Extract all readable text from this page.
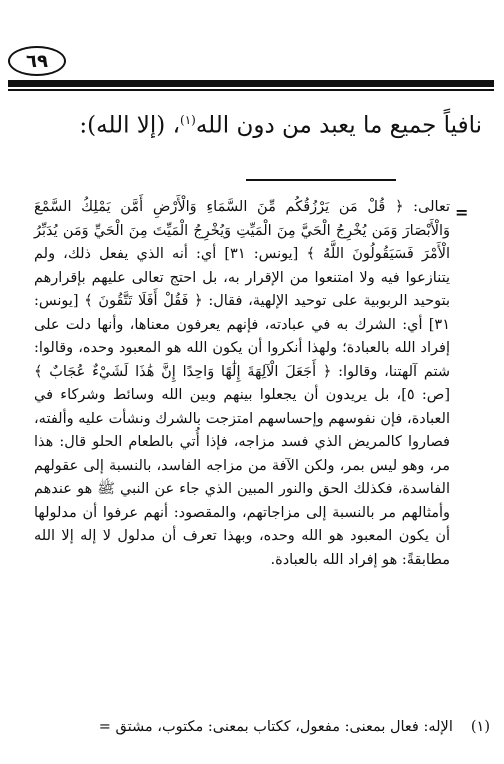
٦٩
نافياً جميع ما يعبد من دون الله$^{(١)}$، (إلا الله):
=

تعالى: ﴿ قُلْ مَن يَرْزُقُكُم مِّنَ السَّمَاءِ وَالْأَرْضِ أَمَّن يَمْلِكُ السَّمْعَ وَالْأَبْصَارَ وَمَن يُخْرِجُ الْحَيَّ مِنَ الْمَيِّتِ وَيُخْرِجُ الْمَيِّتَ مِنَ الْحَيِّ وَمَن يُدَبِّرُ الْأَمْرَ فَسَيَقُولُونَ اللَّهُ ﴾ [يونس: ٣١] أي: أنه الذي يفعل ذلك، ولم يتنازعوا فيه ولا امتنعوا من الإقرار به، بل احتج تعالى عليهم بإقرارهم بتوحيد الربوبية على توحيد الإلهية، فقال: ﴿ فَقُلْ أَفَلَا تَتَّقُونَ ﴾ [يونس: ٣١] أي: الشرك به في عبادته، فإنهم يعرفون معناها، وأنها دلت على إفراد الله بالعبادة؛ ولهذا أنكروا أن يكون الله هو المعبود وحده، وقالوا: شتم آلهتنا، وقالوا: ﴿ أَجَعَلَ الْآلِهَةَ إِلَٰهًا وَاحِدًا إِنَّ هَٰذَا لَشَيْءٌ عُجَابٌ ﴾ [ص: ٥]، بل يريدون أن يجعلوا بينهم وبين الله وسائط وشركاء في العبادة، فإن نفوسهم وإحساسهم امتزجت بالشرك ونشأت عليه وألفته، فصاروا كالمريض الذي فسد مزاجه، فإذا أُتي بالطعام الحلو قال: هذا مر، وهو ليس بمر، ولكن الآفة من مزاجه الفاسد، بالنسبة إلى عقولهم الفاسدة، فكذلك الحق والنور المبين الذي جاء عن النبي ﷺ هو عندهم وأمثالهم مر بالنسبة إلى مزاجاتهم، والمقصود: أنهم عرفوا أن مدلولها أن يكون المعبود هو الله وحده، وبهذا تعرف أن مدلول لا إله إلا الله مطابقةً: هو إفراد الله بالعبادة.

(١)الإله: فعال بمعنى: مفعول، ككتاب بمعنى: مكتوب، مشتق =
